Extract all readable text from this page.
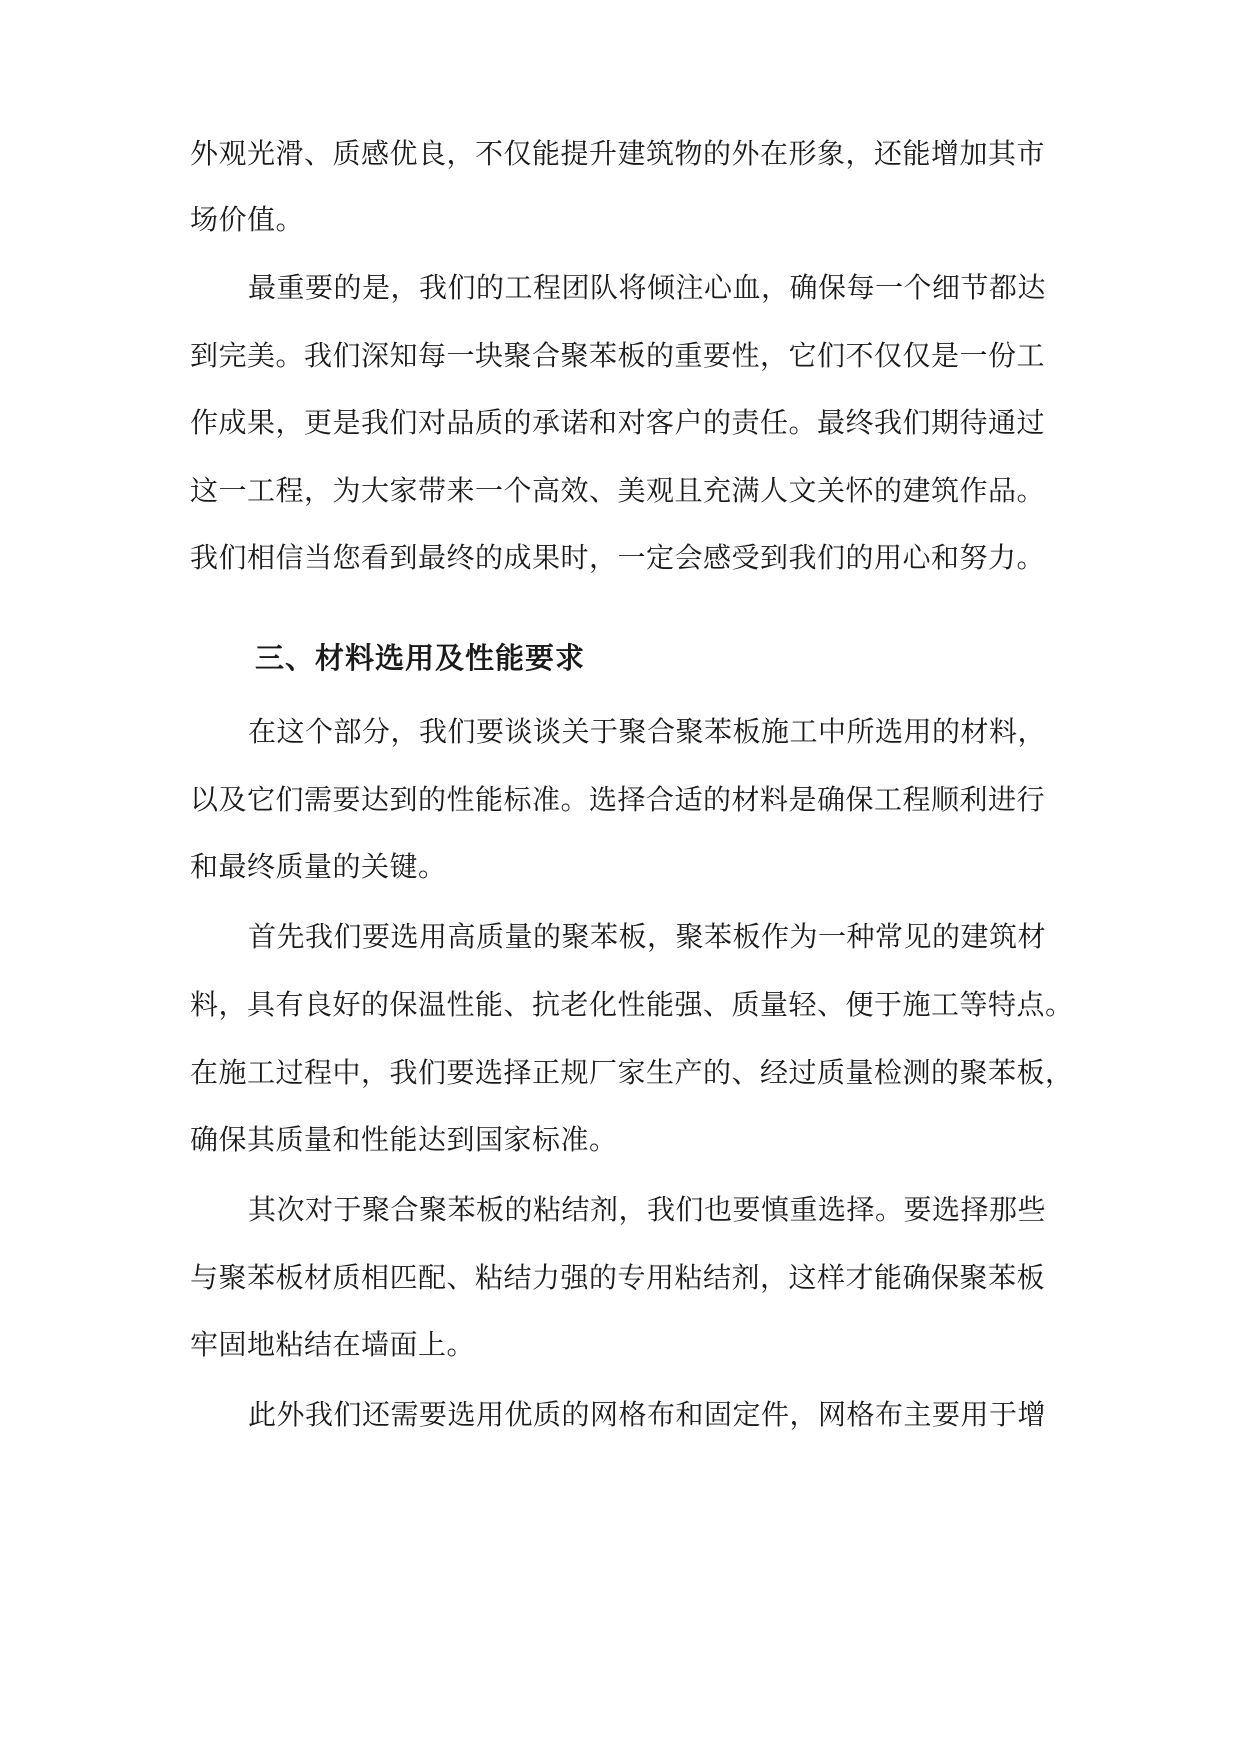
外观光滑、质感优良，不仅能提升建筑物的外在形象，还能增加其市
场价值。
最重要的是，我们的工程团队将倾注心血，确保每一个细节都达
到完美。我们深知每一块聚合聚苯板的重要性，它们不仅仅是一份工
作成果，更是我们对品质的承诺和对客户的责任。最终我们期待通过
这一工程，为大家带来一个高效、美观且充满人文关怀的建筑作品。
我们相信当您看到最终的成果时，一定会感受到我们的用心和努力。
三、材料选用及性能要求
在这个部分，我们要谈谈关于聚合聚苯板施工中所选用的材料，
以及它们需要达到的性能标准。选择合适的材料是确保工程顺利进行
和最终质量的关键。
首先我们要选用高质量的聚苯板，聚苯板作为一种常见的建筑材
料，具有良好的保温性能、抗老化性能强、质量轻、便于施工等特点。
在施工过程中，我们要选择正规厂家生产的、经过质量检测的聚苯板，
确保其质量和性能达到国家标准。
其次对于聚合聚苯板的粘结剂，我们也要慎重选择。要选择那些
与聚苯板材质相匹配、粘结力强的专用粘结剂，这样才能确保聚苯板
牢固地粘结在墙面上。
此外我们还需要选用优质的网格布和固定件，网格布主要用于增
